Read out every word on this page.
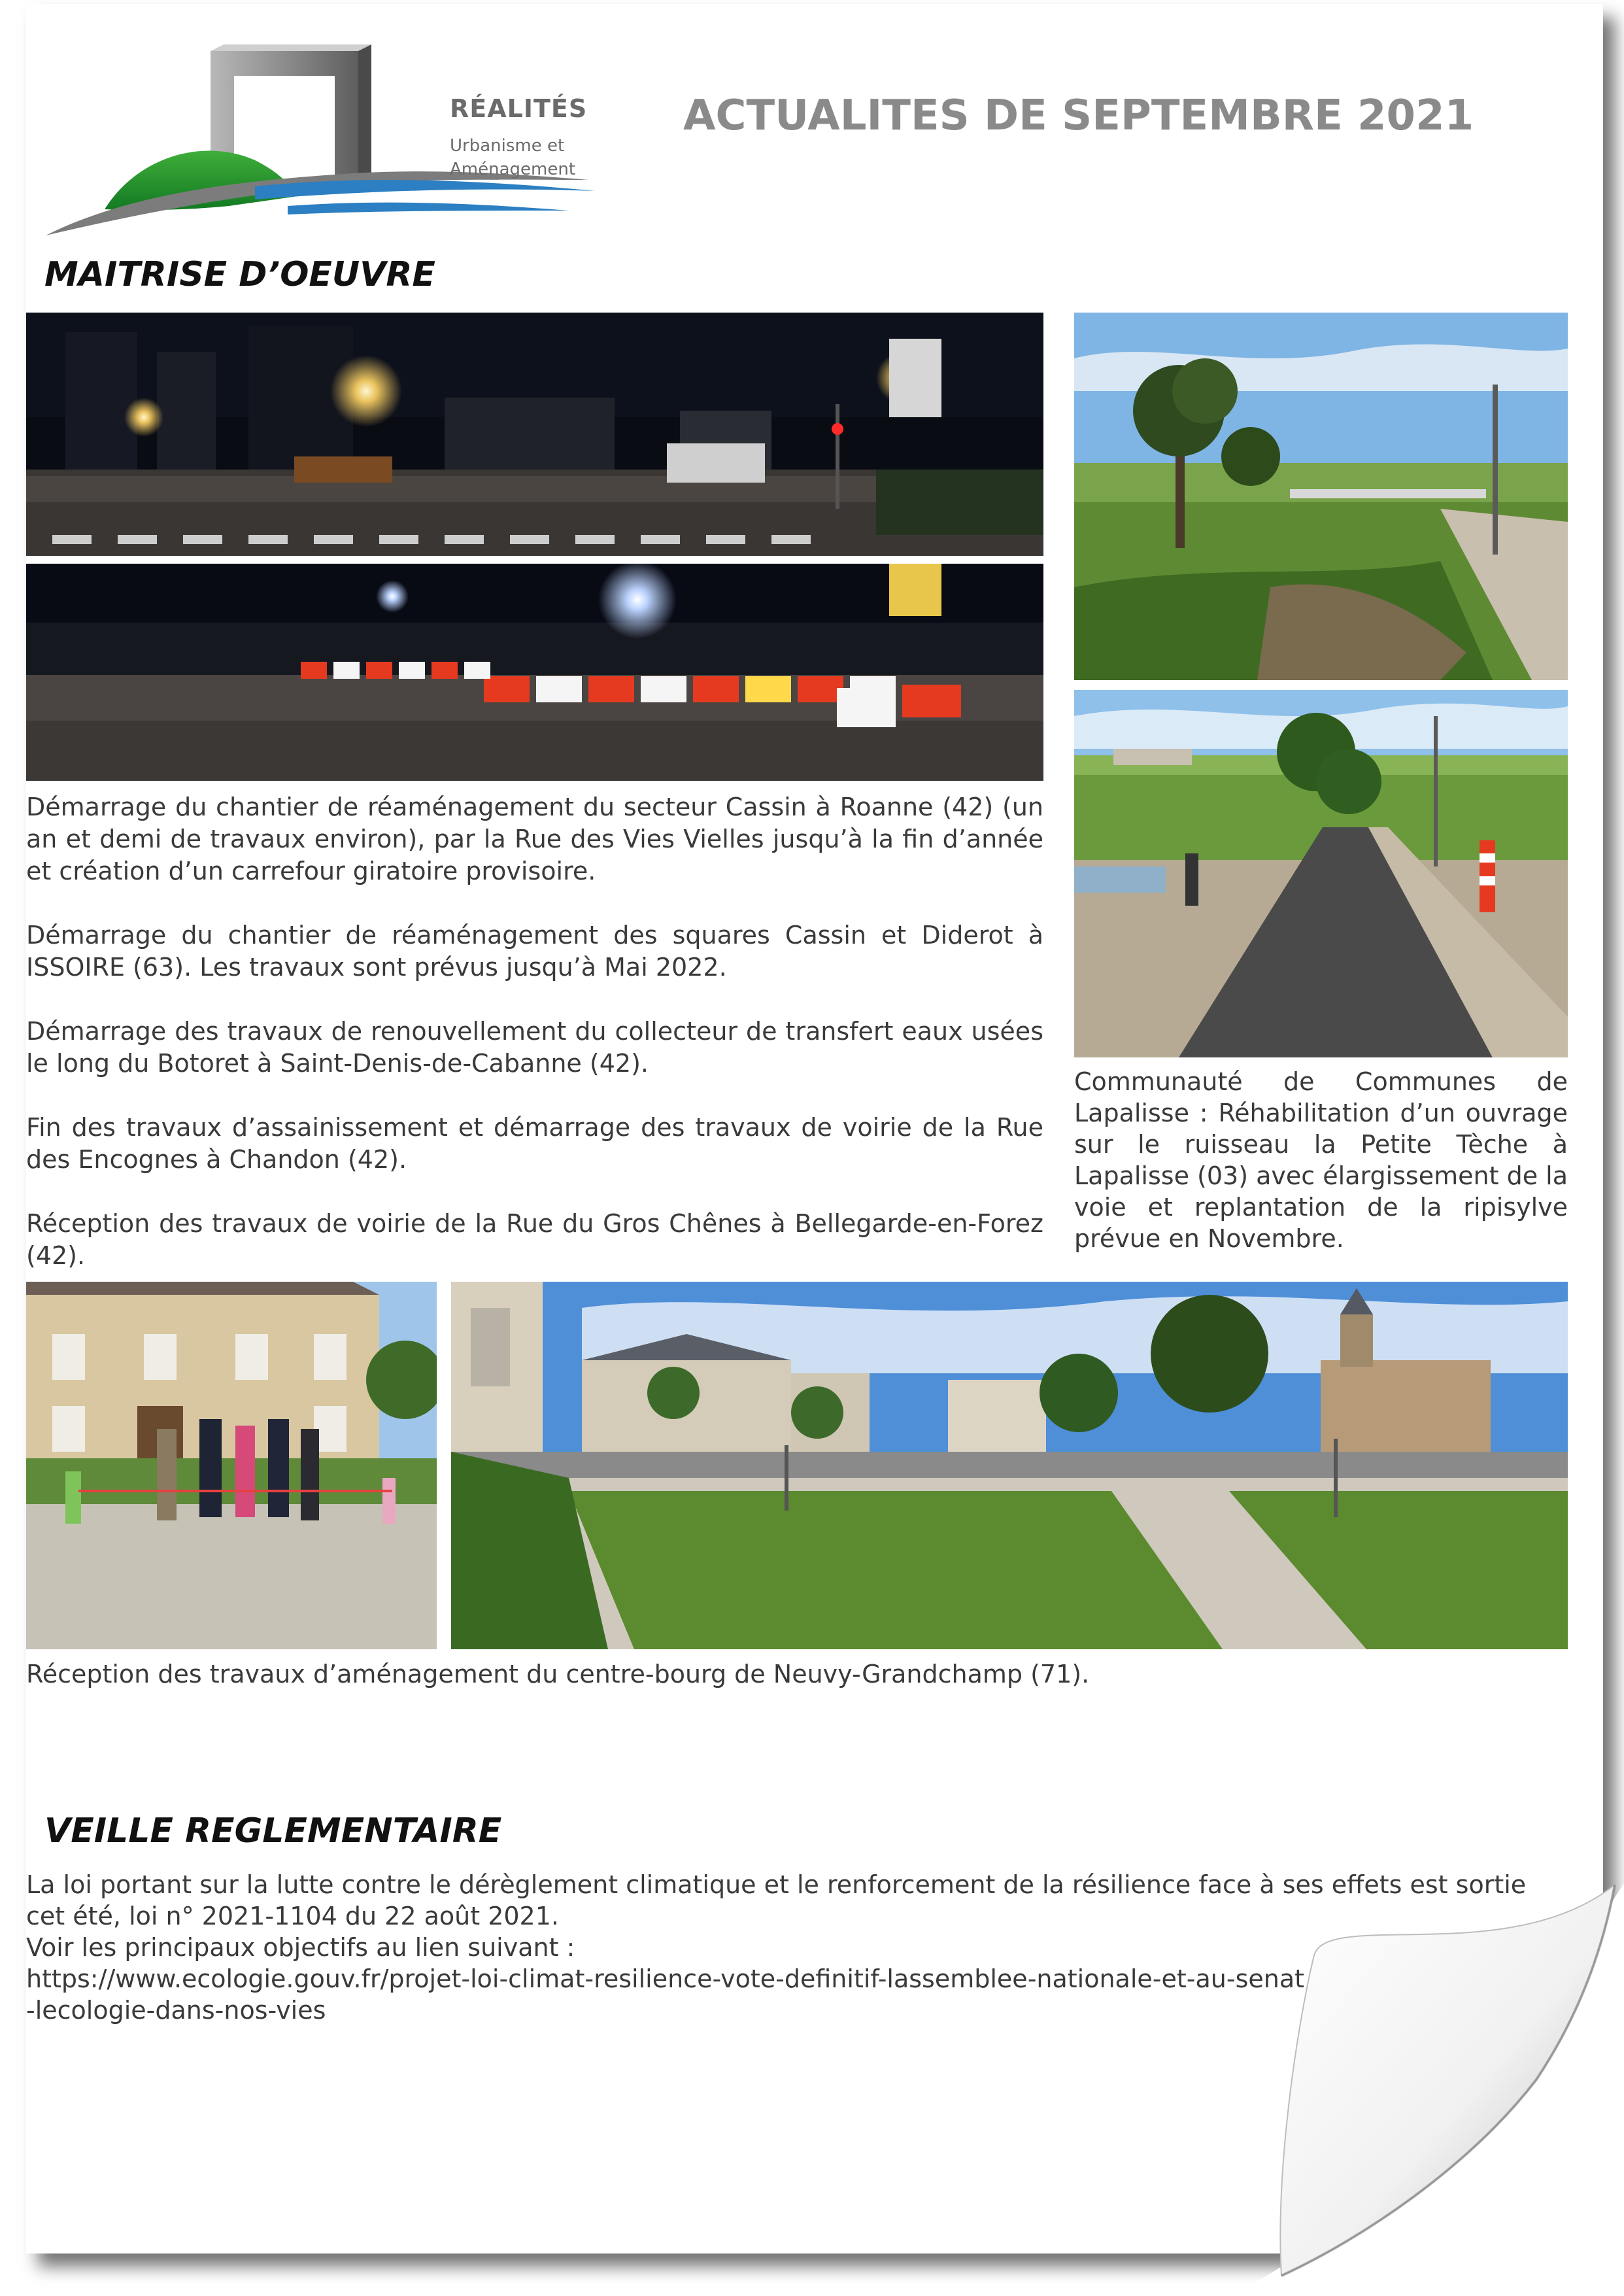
RÉALITÉS
Urbanisme et
Aménagement
ACTUALITES DE SEPTEMBRE 2021
MAITRISE D’OEUVRE

Démarrage du chantier de réaménagement du secteur Cassin à Roanne (42) (un an et demi de travaux environ), par la Rue des Vies Vielles jusqu’à la fin d’année et création d’un carrefour giratoire provisoire.

Démarrage du chantier de réaménagement des squares Cassin et Diderot à ISSOIRE (63). Les travaux sont prévus jusqu’à Mai 2022.

Démarrage des travaux de renouvellement du collecteur de transfert eaux usées le long du Botoret à Saint-Denis-de-Cabanne (42).

Fin des travaux d’assainissement et démarrage des travaux de voirie de la Rue des Encognes à Chandon (42).

Réception des travaux de voirie de la Rue du Gros Chênes à Bellegarde-en-Forez (42).

Communauté de Communes de Lapalisse : Réhabilitation d’un ouvrage sur le ruisseau la Petite Tèche à Lapalisse (03) avec élargissement de la voie et replantation de la ripisylve prévue en Novembre.
Réception des travaux d’aménagement du centre-bourg de Neuvy-Grandchamp (71).
VEILLE REGLEMENTAIRE
La loi portant sur la lutte contre le dérèglement climatique et le renforcement de la résilience face à ses effets est sortie cet été, loi n° 2021-1104 du 22 août 2021.
Voir les principaux objectifs au lien suivant :
https://www.ecologie.gouv.fr/projet-loi-climat-resilience-vote-definitif-lassemblee-nationale-et-au-senat-lecologie-dans-nos-vies
